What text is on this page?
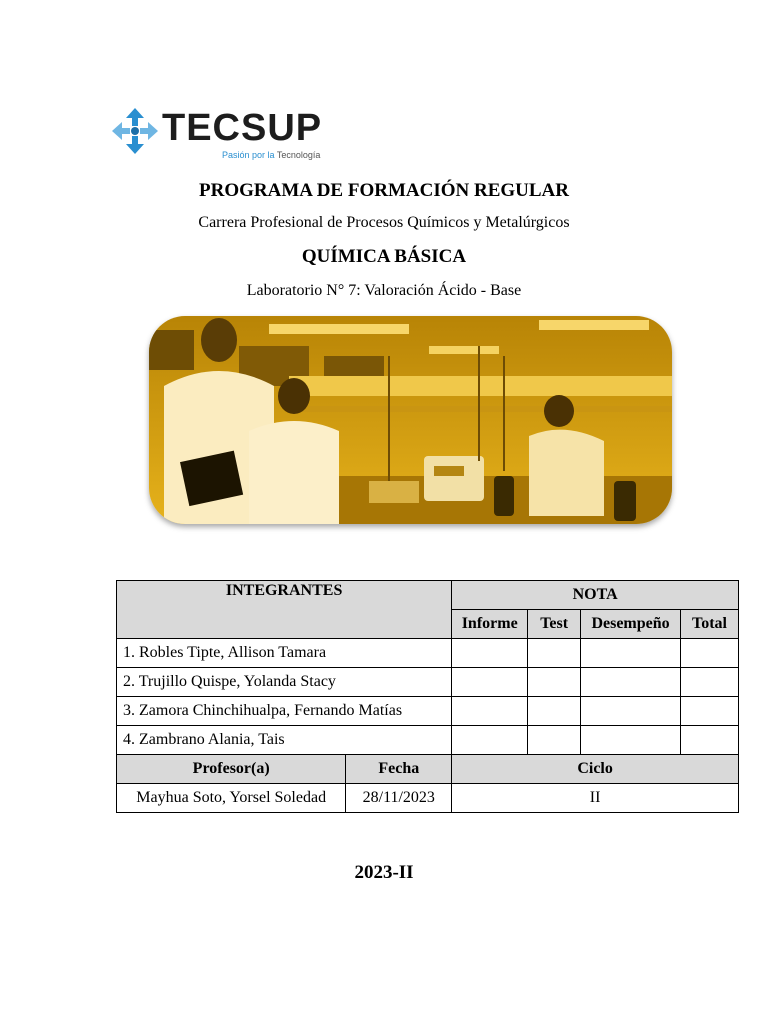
TECSUP
Pasión por la Tecnología
PROGRAMA DE FORMACIÓN REGULAR
Carrera Profesional de Procesos Químicos y Metalúrgicos
QUÍMICA BÁSICA
Laboratorio N° 7: Valoración Ácido - Base
INTEGRANTES		NOTA			
		Informe	Test	Desempeño	Total
1. Robles Tipte, Allison Tamara					
2. Trujillo Quispe, Yolanda Stacy					
3. Zamora Chinchihualpa, Fernando Matías					
4. Zambrano Alania, Tais					
Profesor(a)	Fecha	Ciclo			
Mayhua Soto, Yorsel Soledad	28/11/2023	II			
2023-II
